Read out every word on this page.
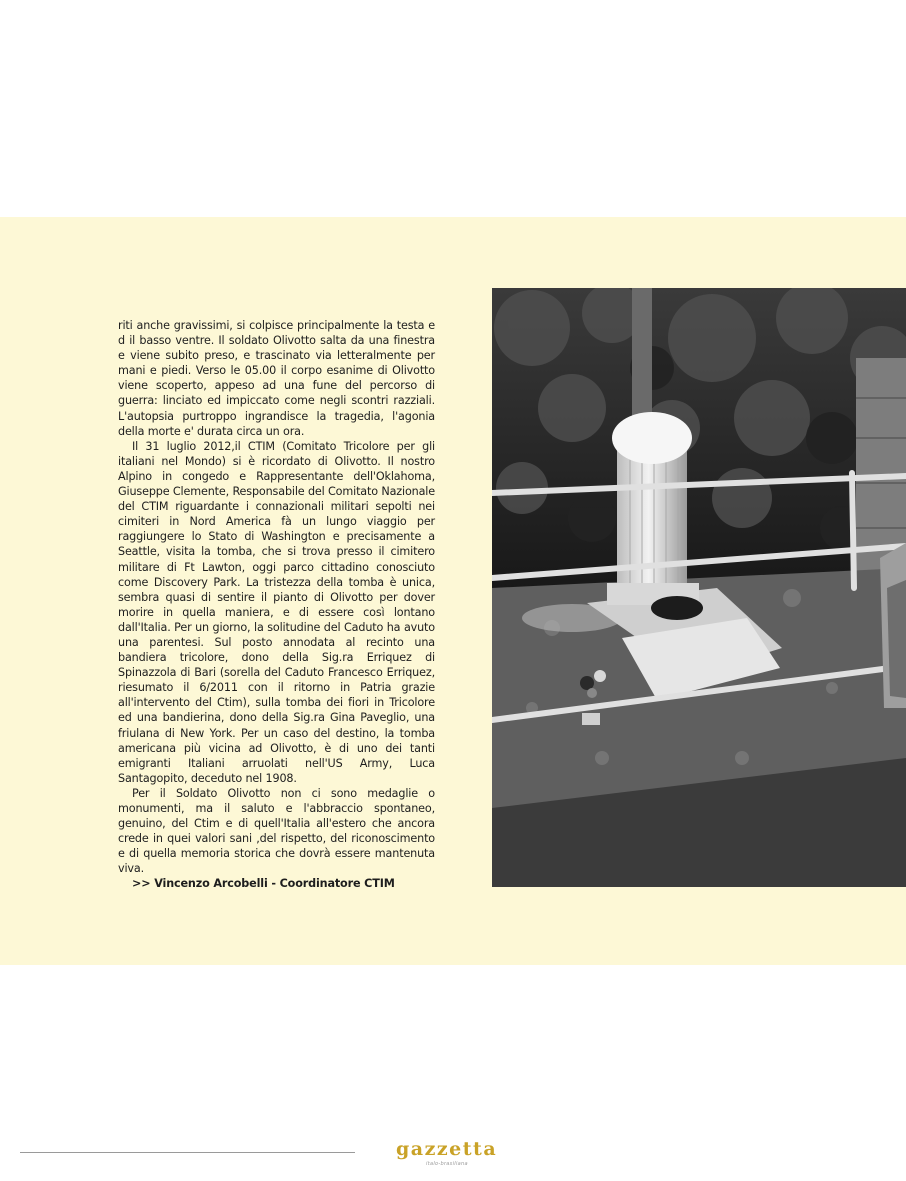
riti anche gravissimi, si colpisce principalmente la testa e d il basso ventre. Il soldato Olivotto salta da una finestra e viene subito preso, e trascinato via letteralmente per mani e piedi. Verso le 05.00 il corpo esanime di Olivotto viene scoperto, appeso ad una fune del percorso di guerra: linciato ed impiccato come negli scontri razziali. L'autopsia purtroppo ingrandisce la tragedia, l'agonia della morte e' durata circa un ora.

Il 31 luglio 2012,il CTIM (Comitato Tricolore per gli italiani nel Mondo) si è ricordato di Olivotto. Il nostro Alpino in congedo e Rappresentante dell'Oklahoma, Giuseppe Clemente, Responsabile del Comitato Nazionale del CTIM riguardante i connazionali militari sepolti nei cimiteri in Nord America fà un lungo viaggio per raggiungere lo Stato di Washington e precisamente a Seattle, visita la tomba, che si trova presso il cimitero militare di Ft Lawton, oggi parco cittadino conosciuto come Discovery Park. La tristezza della tomba è unica, sembra quasi di sentire il pianto di Olivotto per dover morire in quella maniera, e di essere così lontano dall'Italia. Per un giorno, la solitudine del Caduto ha avuto una parentesi. Sul posto annodata al recinto una bandiera tricolore, dono della Sig.ra Erriquez di Spinazzola di Bari (sorella del Caduto Francesco Erriquez, riesumato il 6/2011 con il ritorno in Patria grazie all'intervento del Ctim), sulla tomba dei fiori in Tricolore ed una bandierina, dono della Sig.ra Gina Paveglio, una friulana di New York. Per un caso del destino, la tomba americana più vicina ad Olivotto, è di uno dei tanti emigranti Italiani arruolati nell'US Army, Luca Santagopito, deceduto nel 1908.

Per il Soldato Olivotto non ci sono medaglie o monumenti, ma il saluto e l'abbraccio spontaneo, genuino, del Ctim e di quell'Italia all'estero che ancora crede in quei valori sani ,del rispetto, del riconoscimento e di quella memoria storica che dovrà essere mantenuta viva.

>> Vincenzo Arcobelli - Coordinatore CTIM

gazzetta
italo-brasiliana
